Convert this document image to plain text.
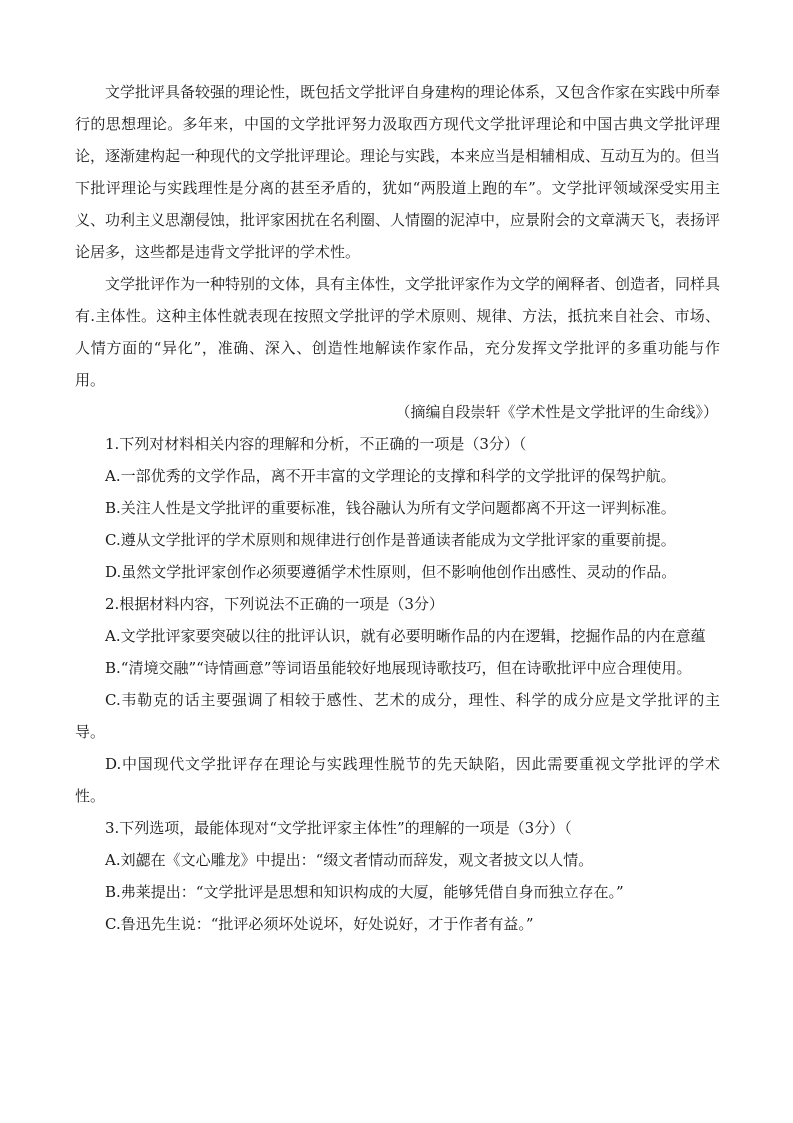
文学批评具备较强的理论性，既包括文学批评自身建构的理论体系，又包含作家在实践中所奉行的思想理论。多年来，中国的文学批评努力汲取西方现代文学批评理论和中国古典文学批评理论，逐渐建构起一种现代的文学批评理论。理论与实践，本来应当是相辅相成、互动互为的。但当下批评理论与实践理性是分离的甚至矛盾的，犹如“两股道上跑的车”。文学批评领域深受实用主义、功利主义思潮侵蚀，批评家困扰在名利圈、人情圈的泥淖中，应景附会的文章满天飞，表扬评论居多，这些都是违背文学批评的学术性。

文学批评作为一种特别的文体，具有主体性，文学批评家作为文学的阐释者、创造者，同样具有.主体性。这种主体性就表现在按照文学批评的学术原则、规律、方法，抵抗来自社会、市场、人情方面的“异化”，准确、深入、创造性地解读作家作品，充分发挥文学批评的多重功能与作用。

（摘编自段崇轩《学术性是文学批评的生命线》）

1.下列对材料相关内容的理解和分析，不正确的一项是（3分）（

A.一部优秀的文学作品，离不开丰富的文学理论的支撑和科学的文学批评的保驾护航。

B.关注人性是文学批评的重要标准，钱谷融认为所有文学问题都离不开这一评判标准。

C.遵从文学批评的学术原则和规律进行创作是普通读者能成为文学批评家的重要前提。

D.虽然文学批评家创作必须要遵循学术性原则，但不影响他创作出感性、灵动的作品。

2.根据材料内容，下列说法不正确的一项是（3分）

A.文学批评家要突破以往的批评认识，就有必要明晰作品的内在逻辑，挖掘作品的内在意蕴

B.“清境交融”“诗情画意”等词语虽能较好地展现诗歌技巧，但在诗歌批评中应合理使用。

C.韦勒克的话主要强调了相较于感性、艺术的成分，理性、科学的成分应是文学批评的主导。

D.中国现代文学批评存在理论与实践理性脱节的先天缺陷，因此需要重视文学批评的学术性。

3.下列选项，最能体现对“文学批评家主体性”的理解的一项是（3分）（

A.刘勰在《文心雕龙》中提出：“缀文者情动而辞发，观文者披文以人情。

B.弗莱提出：“文学批评是思想和知识构成的大厦，能够凭借自身而独立存在。”

C.鲁迅先生说：“批评必须坏处说坏，好处说好，才于作者有益。”
